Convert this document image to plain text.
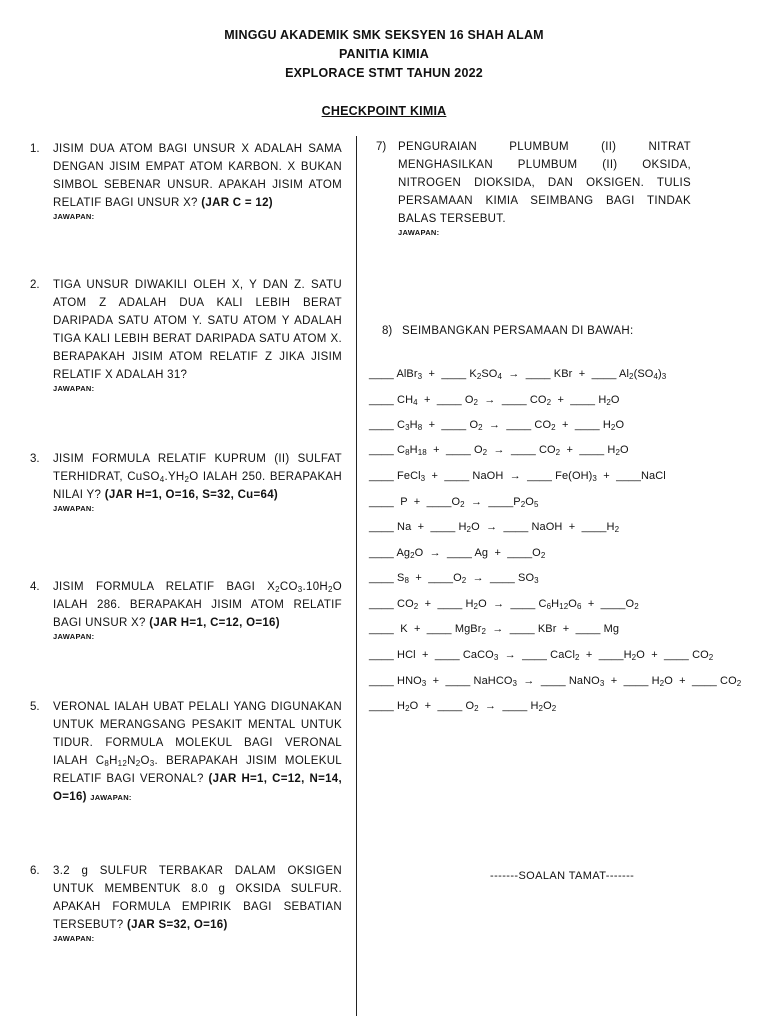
MINGGU AKADEMIK SMK SEKSYEN 16 SHAH ALAM
PANITIA KIMIA
EXPLORACE STMT TAHUN 2022
CHECKPOINT KIMIA
1. JISIM DUA ATOM BAGI UNSUR X ADALAH SAMA DENGAN JISIM EMPAT ATOM KARBON. X BUKAN SIMBOL SEBENAR UNSUR. APAKAH JISIM ATOM RELATIF BAGI UNSUR X? (JAR C = 12)
JAWAPAN:
2. TIGA UNSUR DIWAKILI OLEH X, Y DAN Z. SATU ATOM Z ADALAH DUA KALI LEBIH BERAT DARIPADA SATU ATOM Y. SATU ATOM Y ADALAH TIGA KALI LEBIH BERAT DARIPADA SATU ATOM X. BERAPAKAH JISIM ATOM RELATIF Z JIKA JISIM RELATIF X ADALAH 31?
JAWAPAN:
3. JISIM FORMULA RELATIF KUPRUM (II) SULFAT TERHIDRAT, $CuSO_4.YH_2O$ IALAH 250. BERAPAKAH NILAI Y? (JAR H=1, O=16, S=32, Cu=64)
JAWAPAN:
4. JISIM FORMULA RELATIF BAGI $X_2CO_3.10H_2O$ IALAH 286. BERAPAKAH JISIM ATOM RELATIF BAGI UNSUR X? (JAR H=1, C=12, O=16)
JAWAPAN:
5. VERONAL IALAH UBAT PELALI YANG DIGUNAKAN UNTUK MERANGSANG PESAKIT MENTAL UNTUK TIDUR. FORMULA MOLEKUL BAGI VERONAL IALAH $C_8H_{12}N_2O_3$. BERAPAKAH JISIM MOLEKUL RELATIF BAGI VERONAL? (JAR H=1, C=12, N=14, O=16) JAWAPAN:
6. 3.2 g SULFUR TERBAKAR DALAM OKSIGEN UNTUK MEMBENTUK 8.0 g OKSIDA SULFUR. APAKAH FORMULA EMPIRIK BAGI SEBATIAN TERSEBUT? (JAR S=32, O=16)
JAWAPAN:
7) PENGURAIAN PLUMBUM (II) NITRAT MENGHASILKAN PLUMBUM (II) OKSIDA, NITROGEN DIOKSIDA, DAN OKSIGEN. TULIS PERSAMAAN KIMIA SEIMBANG BAGI TINDAK BALAS TERSEBUT.
JAWAPAN:
8) SEIMBANGKAN PERSAMAAN DI BAWAH:
____ AlBr$_3$ + ____ $K_2SO_4$ → ____ KBr + ____ $Al_2(SO_4)_3$
____ $CH_4$ + ____ $O_2$ → ____ $CO_2$ + ____ $H_2O$
____ $C_3H_8$ + ____ $O_2$ → ____ $CO_2$ + ____ $H_2O$
____ $C_8H_{18}$ + ____ $O_2$ → ____ $CO_2$ + ____ $H_2O$
____ FeCl$_3$ + ____ NaOH → ____ $Fe(OH)_3$ + ____NaCl
____ $P + \_\_\_\_O_2$ → $\_\_\_\_P_2O_5$
____ Na + ____ $H_2O$ → ____ NaOH + $\_\_\_\_H_2$
____ $Ag_2O$ → ____ $Ag + \_\_\_\_O_2$
____ $S_8$ + $\_\_\_\_O_2$ → ____ $SO_3$
____ $CO_2$ + ____ $H_2O$ → ____ $C_6H_{12}O_6$ + $\_\_\_\_O_2$
____ K + ____ MgBr$_2$ → ____ KBr + ____ Mg
____ HCl + ____ CaCO$_3$ → ____ CaCl$_2$ + $\_\_\_\_H_2O$ + ____ $CO_2$
____ $HNO_3$ + ____ NaHCO$_3$ → ____ NaNO$_3$ + ____ $H_2O$ + ____ $CO_2$
____ $H_2O$ + ____ $O_2$ → ____ $H_2O_2$
-------SOALAN TAMAT-------
